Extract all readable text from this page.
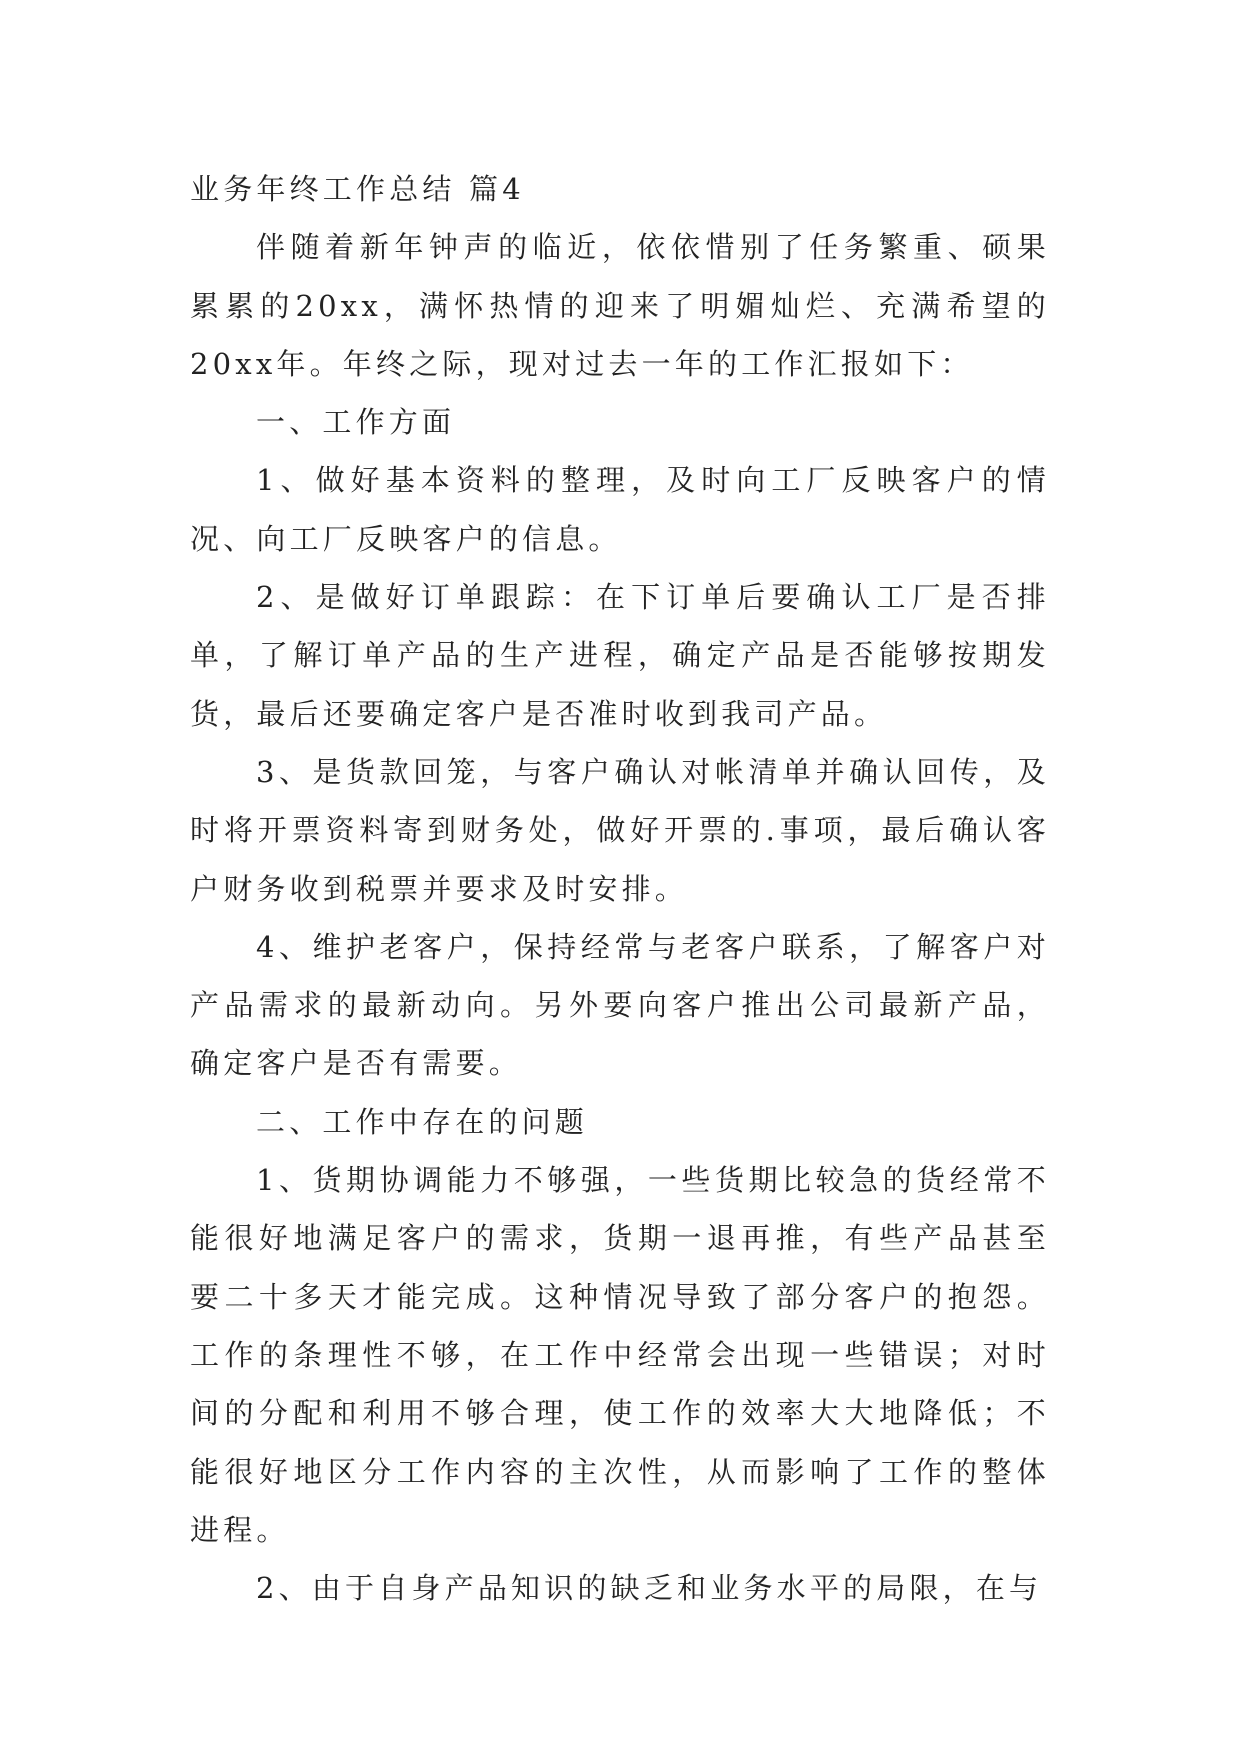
业务年终工作总结 篇4

伴随着新年钟声的临近，依依惜别了任务繁重、硕果累累的20xx，满怀热情的迎来了明媚灿烂、充满希望的20xx年。年终之际，现对过去一年的工作汇报如下：

一、工作方面

1、做好基本资料的整理，及时向工厂反映客户的情况、向工厂反映客户的信息。

2、是做好订单跟踪：在下订单后要确认工厂是否排单，了解订单产品的生产进程，确定产品是否能够按期发货，最后还要确定客户是否准时收到我司产品。

3、是货款回笼，与客户确认对帐清单并确认回传，及时将开票资料寄到财务处，做好开票的.事项，最后确认客户财务收到税票并要求及时安排。

4、维护老客户，保持经常与老客户联系，了解客户对产品需求的最新动向。另外要向客户推出公司最新产品，确定客户是否有需要。

二、工作中存在的问题

1、货期协调能力不够强，一些货期比较急的货经常不能很好地满足客户的需求，货期一退再推，有些产品甚至要二十多天才能完成。这种情况导致了部分客户的抱怨。工作的条理性不够，在工作中经常会出现一些错误；对时间的分配和利用不够合理，使工作的效率大大地降低；不能很好地区分工作内容的主次性，从而影响了工作的整体进程。

2、由于自身产品知识的缺乏和业务水平的局限，在与
